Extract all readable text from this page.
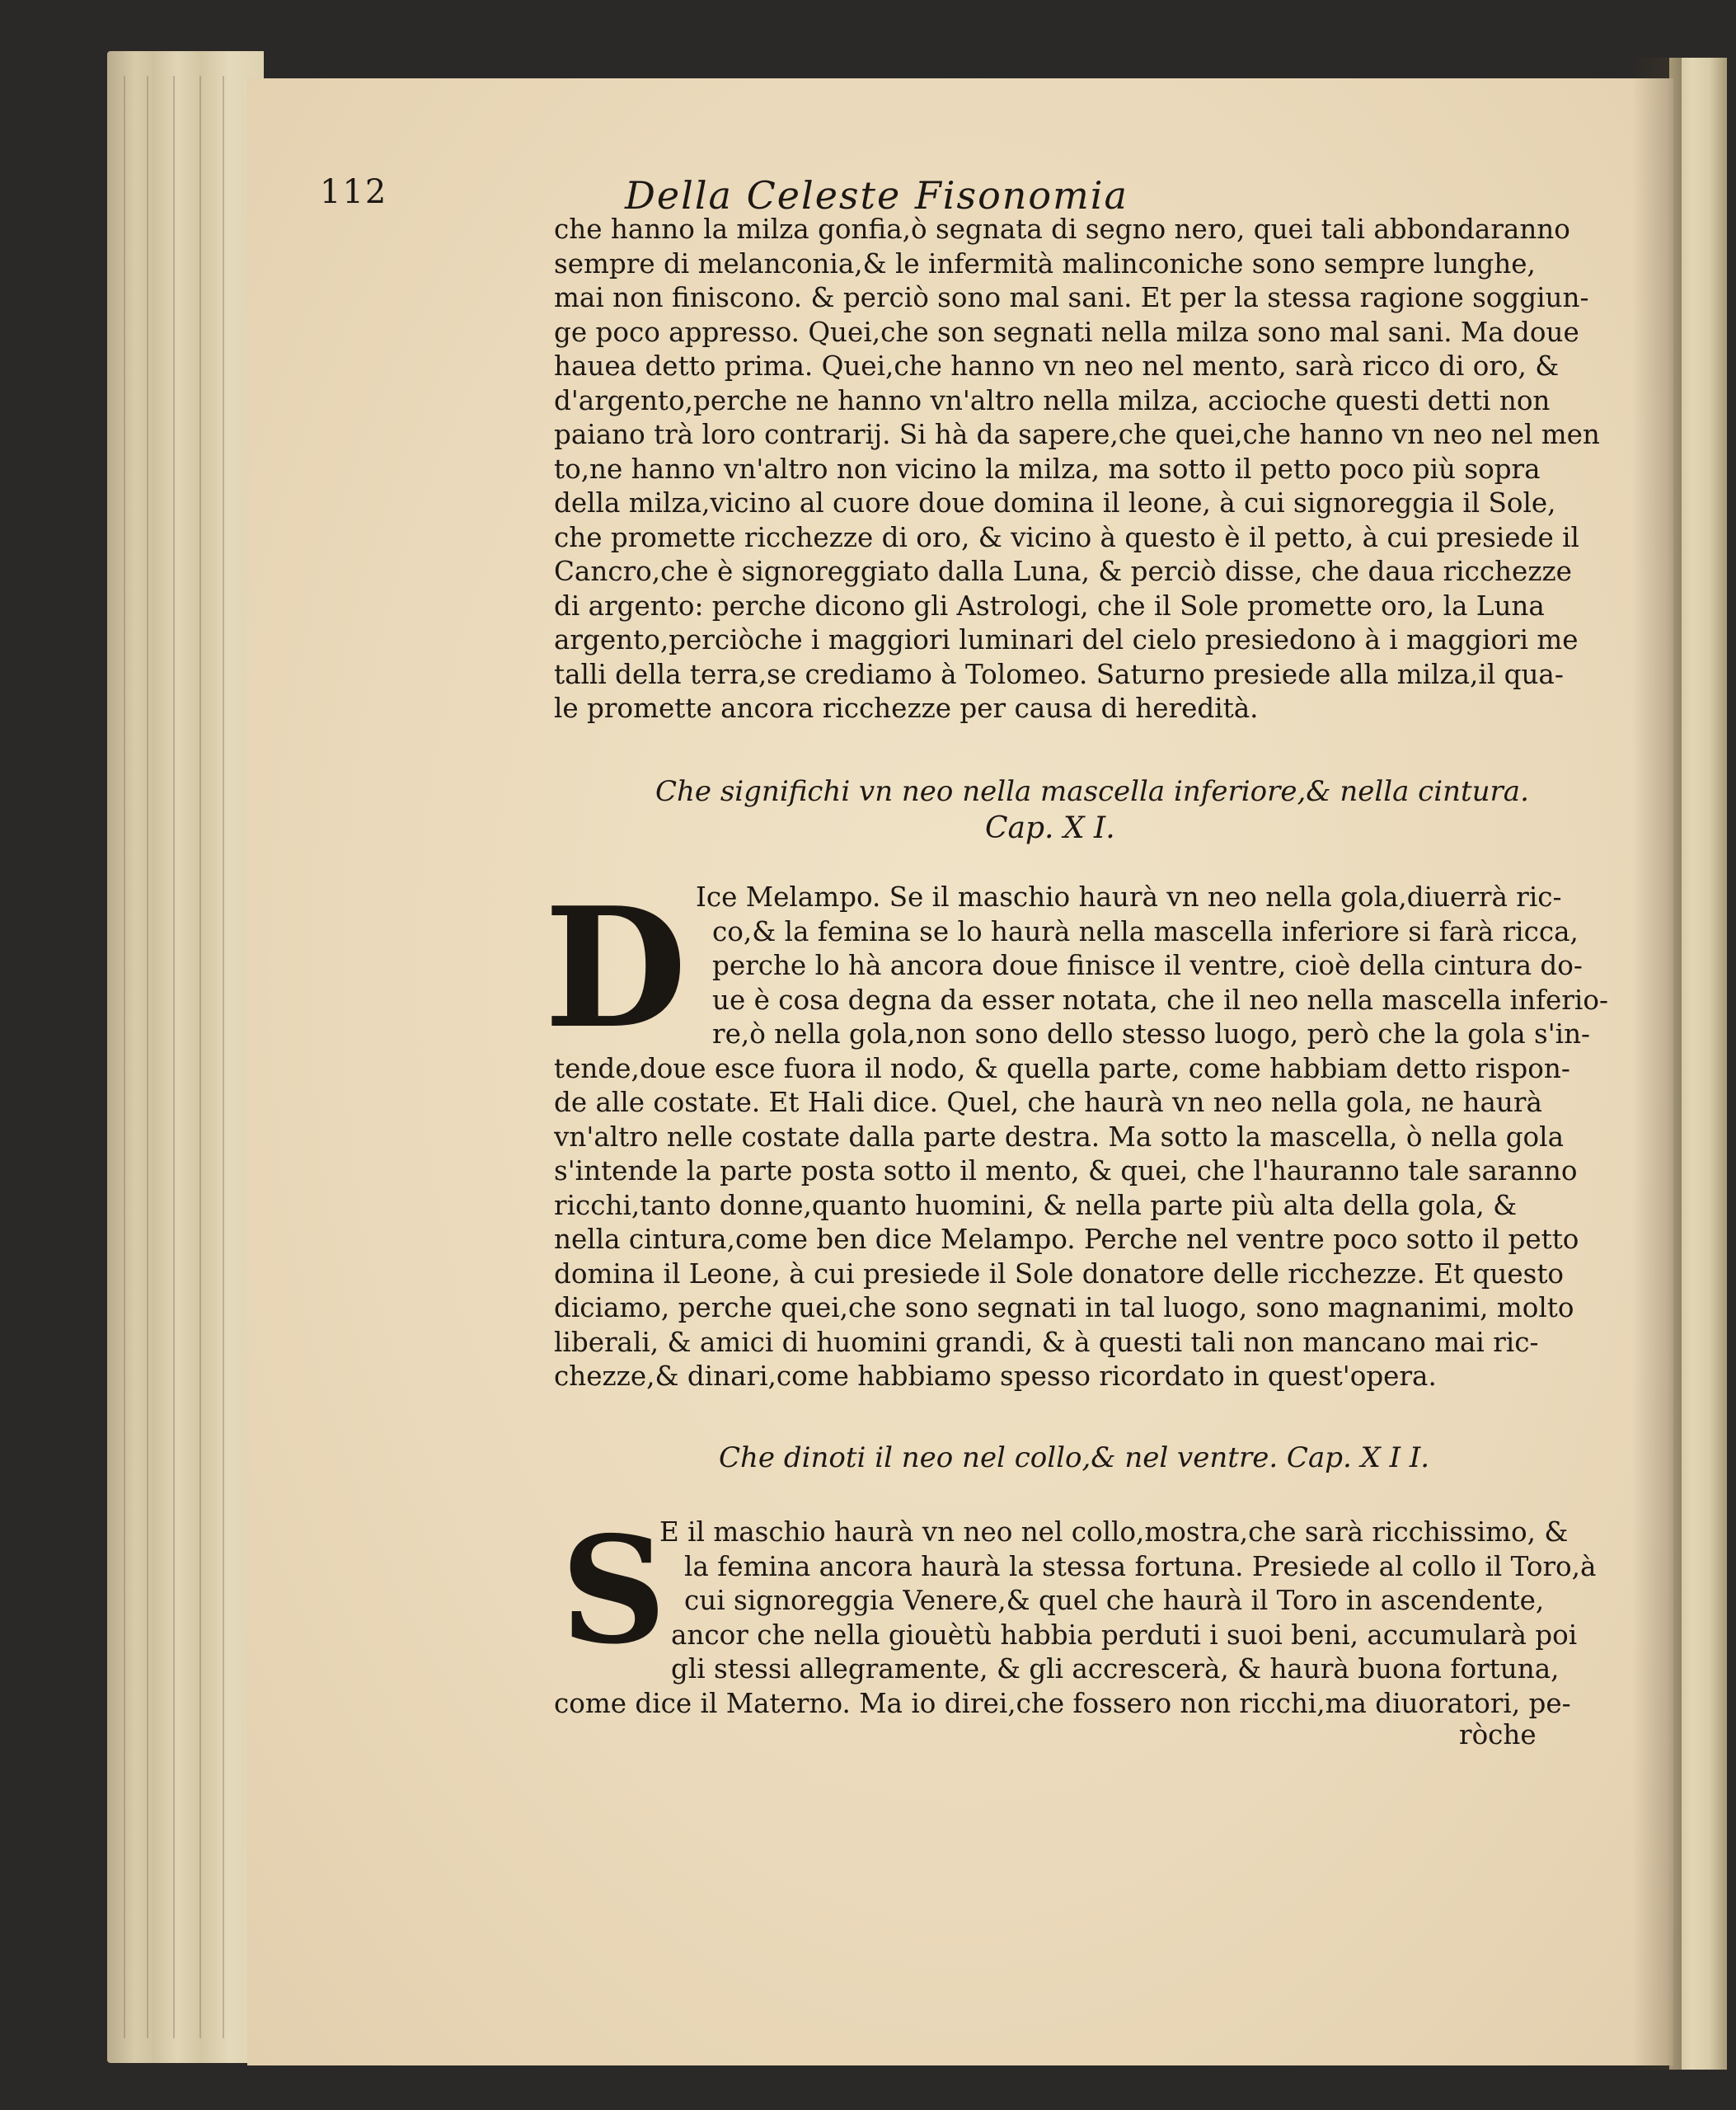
112	Della Celeste Fisonomia
che hanno la milza gonfia,ò segnata di segno nero, quei tali abbondaranno
sempre di melanconia,& le infermità malinconiche sono sempre lunghe,
mai non finiscono. & perciò sono mal sani. Et per la stessa ragione soggiun-
ge poco appresso. Quei,che son segnati nella milza sono mal sani. Ma doue
hauea detto prima. Quei,che hanno vn neo nel mento, sarà ricco di oro, &
d'argento,perche ne hanno vn'altro nella milza, accioche questi detti non
paiano trà loro contrarij. Si hà da sapere,che quei,che hanno vn neo nel men
to,ne hanno vn'altro non vicino la milza, ma sotto il petto poco più sopra
della milza,vicino al cuore doue domina il leone, à cui signoreggia il Sole,
che promette ricchezze di oro, & vicino à questo è il petto, à cui presiede il
Cancro,che è signoreggiato dalla Luna, & perciò disse, che daua ricchezze
di argento: perche dicono gli Astrologi, che il Sole promette oro, la Luna
argento,perciòche i maggiori luminari del cielo presiedono à i maggiori me
talli della terra,se crediamo à Tolomeo. Saturno presiede alla milza,il qua-
le promette ancora ricchezze per causa di heredità.
Che significhi vn neo nella mascella inferiore,& nella cintura.
Cap. X I.
D Ice Melampo. Se il maschio haurà vn neo nella gola,diuerrà ric-
co,& la femina se lo haurà nella mascella inferiore si farà ricca,
perche lo hà ancora doue finisce il ventre, cioè della cintura do-
ue è cosa degna da esser notata, che il neo nella mascella inferio-
re,ò nella gola,non sono dello stesso luogo, però che la gola s'in-
tende,doue esce fuora il nodo, & quella parte, come habbiam detto rispon-
de alle costate. Et Hali dice. Quel, che haurà vn neo nella gola, ne haurà
vn'altro nelle costate dalla parte destra. Ma sotto la mascella, ò nella gola
s'intende la parte posta sotto il mento, & quei, che l'hauranno tale saranno
ricchi,tanto donne,quanto huomini, & nella parte più alta della gola, &
nella cintura,come ben dice Melampo. Perche nel ventre poco sotto il petto
domina il Leone, à cui presiede il Sole donatore delle ricchezze. Et questo
diciamo, perche quei,che sono segnati in tal luogo, sono magnanimi, molto
liberali, & amici di huomini grandi, & à questi tali non mancano mai ric-
chezze,& dinari,come habbiamo spesso ricordato in quest'opera.
Che dinoti il neo nel collo,& nel ventre. Cap. X I I.
S
E il maschio haurà vn neo nel collo,mostra,che sarà ricchissimo, &
la femina ancora haurà la stessa fortuna. Presiede al collo il Toro,à
cui signoreggia Venere,& quel che haurà il Toro in ascendente,
ancor che nella giouètù habbia perduti i suoi beni, accumularà poi
gli stessi allegramente, & gli accrescerà, & haurà buona fortuna,
come dice il Materno. Ma io direi,che fossero non ricchi,ma diuoratori, pe-
ròche
